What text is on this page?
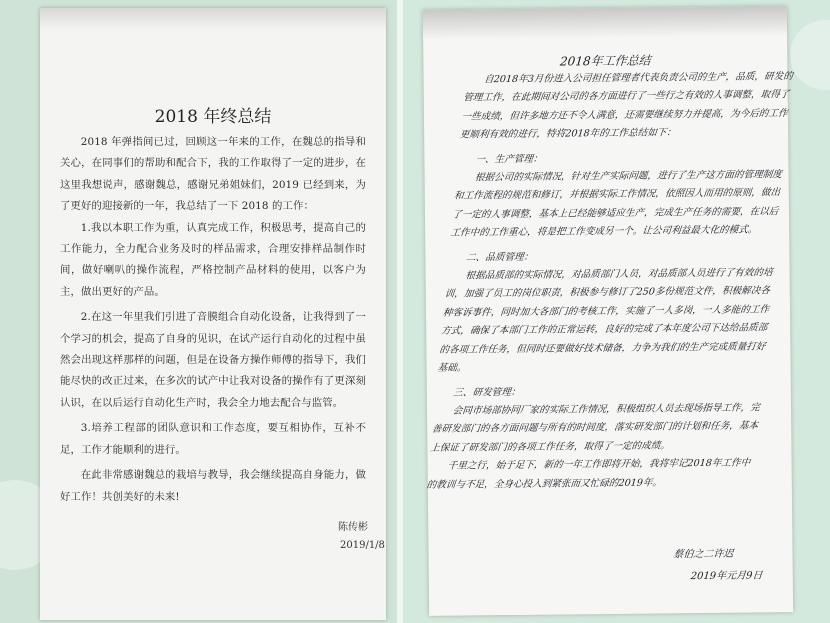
2018 年终总结

2018 年弹指间已过，回顾这一年来的工作，在魏总的指导和关心，在同事们的帮助和配合下，我的工作取得了一定的进步，在这里我想说声，感谢魏总，感谢兄弟姐妹们，2019 已经到来，为了更好的迎接新的一年，我总结了一下 2018 的工作：

1.我以本职工作为重，认真完成工作，积极思考，提高自己的工作能力，全力配合业务及时的样品需求，合理安排样品制作时间，做好喇叭的操作流程，严格控制产品材料的使用，以客户为主，做出更好的产品。

2.在这一年里我们引进了音膜组合自动化设备，让我得到了一个学习的机会，提高了自身的见识，在试产运行自动化的过程中虽然会出现这样那样的问题，但是在设备方操作师傅的指导下，我们能尽快的改正过来，在多次的试产中让我对设备的操作有了更深刻认识，在以后运行自动化生产时，我会全力地去配合与监管。

3.培养工程部的团队意识和工作态度，要互相协作，互补不足，工作才能顺利的进行。

在此非常感谢魏总的栽培与教导，我会继续提高自身能力，做好工作！共创美好的未来!

陈传彬
2019/1/8
2018年工作总结

自2018年3月份进入公司担任管理者代表负责公司的生产，品质，研发的管理工作，在此期间对公司的各方面进行了一些行之有效的人事调整，取得了一些成绩，但许多地方还不令人满意，还需要继续努力并提高，为今后的工作更顺利有效的进行，特将2018年的工作总结如下：

一、生产管理：

根据公司的实际情况，针对生产实际问题，进行了生产这方面的管理制度和工作流程的规范和修订，并根据实际工作情况，依照因人而用的原则，做出了一定的人事调整，基本上已经能够适应生产，完成生产任务的需要，在以后工作中的工作重心，将是把工作变成另一个。让公司利益最大化的模式。

二、品质管理：

根据品质部的实际情况，对品质部门人员，对品质部人员进行了有效的培训，加强了员工的岗位职责，积极参与修订了250多份规范文件，积极解决各种客诉事件，同时加大各部门的考核工作，实施了一人多岗，一人多能的工作方式，确保了本部门工作的正常运转，良好的完成了本年度公司下达给品质部的各项工作任务，但同时还要做好技术储备，力争为我们的生产完成质量打好基础。

三、研发管理：

会同市场部协同厂家的实际工作情况，积极组织人员去现场指导工作，完善研发部门的各方面问题与所有的时间度，落实研发部门的计划和任务，基本上保证了研发部门的各项工作任务，取得了一定的成绩。

千里之行，始于足下，新的一年工作即将开始，我将牢记2018年工作中的教训与不足，全身心投入到紧张而又忙碌的2019年。

蔡伯之二许迟
2019年元月9日
